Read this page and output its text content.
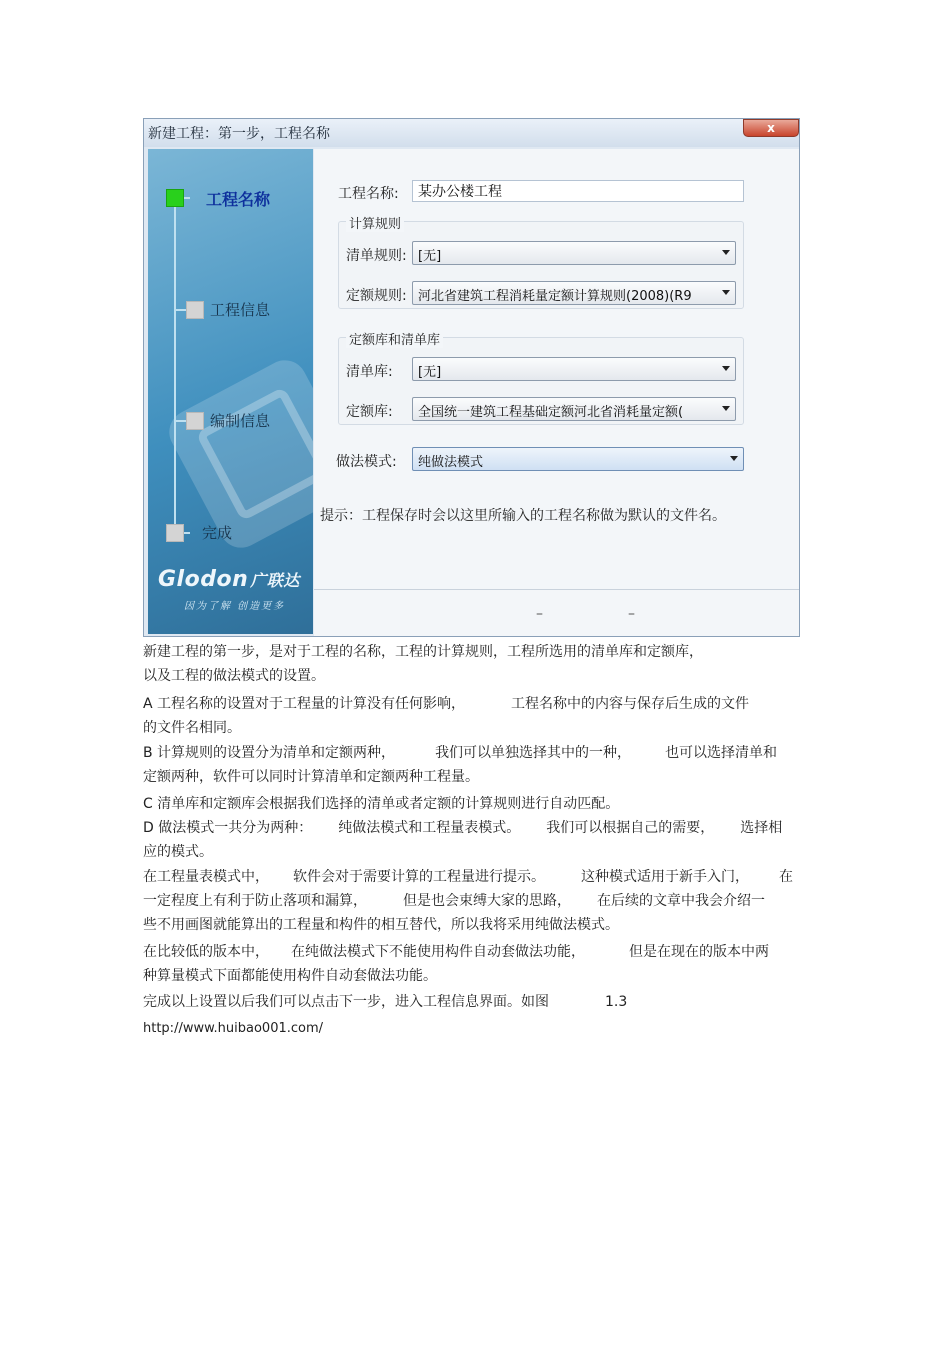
新建工程：第一步，工程名称	x
工程名称
工程信息
编制信息
完成
Glodon 广联达
因为了解 创造更多
工程名称:
某办公楼工程
计算规则
清单规则: [无]
定额规则: 河北省建筑工程消耗量定额计算规则(2008)(R9
定额库和清单库
清单库: [无]
定额库: 全国统一建筑工程基础定额河北省消耗量定额(
做法模式: 纯做法模式
提示：工程保存时会以这里所输入的工程名称做为默认的文件名。
–	–
新建工程的第一步，是对于工程的名称，工程的计算规则，工程所选用的清单库和定额库，
以及工程的做法模式的设置。
A 工程名称的设置对于工程量的计算没有任何影响，	工程名称中的内容与保存后生成的文件
的文件名相同。
B 计算规则的设置分为清单和定额两种，	我们可以单独选择其中的一种， 也可以选择清单和
定额两种，软件可以同时计算清单和定额两种工程量。
C 清单库和定额库会根据我们选择的清单或者定额的计算规则进行自动匹配。
D 做法模式一共分为两种： 纯做法模式和工程量表模式。 我们可以根据自己的需要， 选择相
应的模式。
在工程量表模式中， 软件会对于需要计算的工程量进行提示。	这种模式适用于新手入门， 在
一定程度上有利于防止落项和漏算，	但是也会束缚大家的思路， 在后续的文章中我会介绍一
些不用画图就能算出的工程量和构件的相互替代，所以我将采用纯做法模式。
在比较低的版本中， 在纯做法模式下不能使用构件自动套做法功能，	但是在现在的版本中两
种算量模式下面都能使用构件自动套做法功能。
完成以上设置以后我们可以点击下一步，进入工程信息界面。如图	1.3
http://www.huibao001.com/
